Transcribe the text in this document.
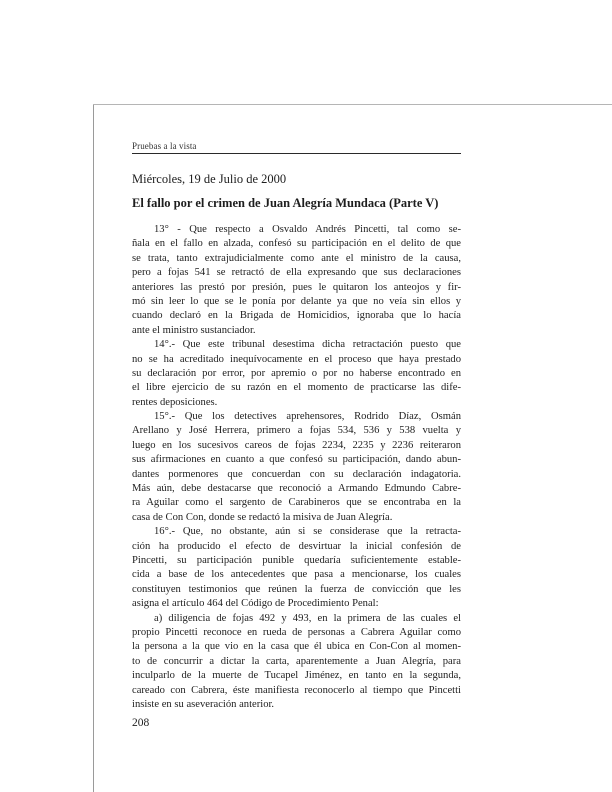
Pruebas a la vista
Miércoles, 19 de Julio de 2000
El fallo por el crimen de Juan Alegría Mundaca (Parte V)
13° - Que respecto a Osvaldo Andrés Pincetti, tal como se-
ñala en el fallo en alzada, confesó su participación en el delito de que
se trata, tanto extrajudicialmente como ante el ministro de la causa,
pero a fojas 541 se retractó de ella expresando que sus declaraciones
anteriores las prestó por presión, pues le quitaron los anteojos y fir-
mó sin leer lo que se le ponía por delante ya que no veía sin ellos y
cuando declaró en la Brigada de Homicidios, ignoraba que lo hacía
ante el ministro sustanciador.
14°.- Que este tribunal desestima dicha retractación puesto que
no se ha acreditado inequívocamente en el proceso que haya prestado
su declaración por error, por apremio o por no haberse encontrado en
el libre ejercicio de su razón en el momento de practicarse las dife-
rentes deposiciones.
15°.- Que los detectives aprehensores, Rodrido Díaz, Osmán
Arellano y José Herrera, primero a fojas 534, 536 y 538 vuelta y
luego en los sucesivos careos de fojas 2234, 2235 y 2236 reiteraron
sus afirmaciones en cuanto a que confesó su participación, dando abun-
dantes pormenores que concuerdan con su declaración indagatoria.
Más aún, debe destacarse que reconoció a Armando Edmundo Cabre-
ra Aguilar como el sargento de Carabineros que se encontraba en la
casa de Con Con, donde se redactó la misiva de Juan Alegría.
16°.- Que, no obstante, aún si se considerase que la retracta-
ción ha producido el efecto de desvirtuar la inicial confesión de
Pincetti, su participación punible quedaría suficientemente estable-
cida a base de los antecedentes que pasa a mencionarse, los cuales
constituyen testimonios que reúnen la fuerza de convicción que les
asigna el artículo 464 del Código de Procedimiento Penal:
a) diligencia de fojas 492 y 493, en la primera de las cuales el
propio Pincetti reconoce en rueda de personas a Cabrera Aguilar como
la persona a la que vio en la casa que él ubica en Con-Con al momen-
to de concurrir a dictar la carta, aparentemente a Juan Alegría, para
inculparlo de la muerte de Tucapel Jiménez, en tanto en la segunda,
careado con Cabrera, éste manifiesta reconocerlo al tiempo que Pincetti
insiste en su aseveración anterior.
208
